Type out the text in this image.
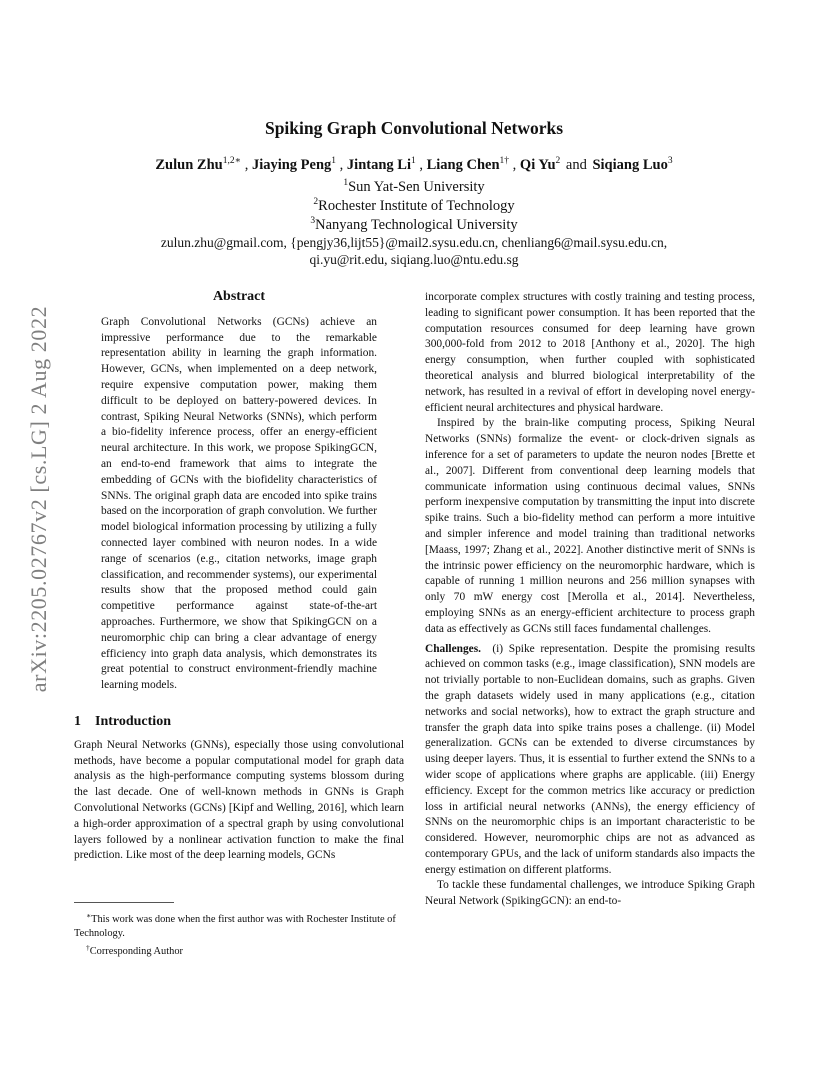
arXiv:2205.02767v2 [cs.LG] 2 Aug 2022
Spiking Graph Convolutional Networks
Zulun Zhu$^{1,2∗}$ , Jiaying Peng$^1$ , Jintang Li$^1$ , Liang Chen$^{1\dagger}$ , Qi Yu$^2$ and Siqiang Luo$^3$
$^1$Sun Yat-Sen University
$^2$Rochester Institute of Technology
$^3$Nanyang Technological University
zulun.zhu@gmail.com, {pengjy36,lijt55}@mail2.sysu.edu.cn, chenliang6@mail.sysu.edu.cn,
qi.yu@rit.edu, siqiang.luo@ntu.edu.sg
Abstract

Graph Convolutional Networks (GCNs) achieve an impressive performance due to the remarkable representation ability in learning the graph information. However, GCNs, when implemented on a deep network, require expensive computation power, making them difficult to be deployed on battery-powered devices. In contrast, Spiking Neural Networks (SNNs), which perform a bio-fidelity inference process, offer an energy-efficient neural architecture. In this work, we propose SpikingGCN, an end-to-end framework that aims to integrate the embedding of GCNs with the biofidelity characteristics of SNNs. The original graph data are encoded into spike trains based on the incorporation of graph convolution. We further model biological information processing by utilizing a fully connected layer combined with neuron nodes. In a wide range of scenarios (e.g., citation networks, image graph classification, and recommender systems), our experimental results show that the proposed method could gain competitive performance against state-of-the-art approaches. Furthermore, we show that SpikingGCN on a neuromorphic chip can bring a clear advantage of energy efficiency into graph data analysis, which demonstrates its great potential to construct environment-friendly machine learning models.

1 Introduction

Graph Neural Networks (GNNs), especially those using convolutional methods, have become a popular computational model for graph data analysis as the high-performance computing systems blossom during the last decade. One of well-known methods in GNNs is Graph Convolutional Networks (GCNs) [Kipf and Welling, 2016], which learn a high-order approximation of a spectral graph by using convolutional layers followed by a nonlinear activation function to make the final prediction. Like most of the deep learning models, GCNs

∗This work was done when the first author was with Rochester Institute of Technology.

†Corresponding Author

incorporate complex structures with costly training and testing process, leading to significant power consumption. It has been reported that the computation resources consumed for deep learning have grown 300,000-fold from 2012 to 2018 [Anthony et al., 2020]. The high energy consumption, when further coupled with sophisticated theoretical analysis and blurred biological interpretability of the network, has resulted in a revival of effort in developing novel energy-efficient neural architectures and physical hardware.

Inspired by the brain-like computing process, Spiking Neural Networks (SNNs) formalize the event- or clock-driven signals as inference for a set of parameters to update the neuron nodes [Brette et al., 2007]. Different from conventional deep learning models that communicate information using continuous decimal values, SNNs perform inexpensive computation by transmitting the input into discrete spike trains. Such a bio-fidelity method can perform a more intuitive and simpler inference and model training than traditional networks [Maass, 1997; Zhang et al., 2022]. Another distinctive merit of SNNs is the intrinsic power efficiency on the neuromorphic hardware, which is capable of running 1 million neurons and 256 million synapses with only 70 mW energy cost [Merolla et al., 2014]. Nevertheless, employing SNNs as an energy-efficient architecture to process graph data as effectively as GCNs still faces fundamental challenges.

Challenges. (i) Spike representation. Despite the promising results achieved on common tasks (e.g., image classification), SNN models are not trivially portable to non-Euclidean domains, such as graphs. Given the graph datasets widely used in many applications (e.g., citation networks and social networks), how to extract the graph structure and transfer the graph data into spike trains poses a challenge. (ii) Model generalization. GCNs can be extended to diverse circumstances by using deeper layers. Thus, it is essential to further extend the SNNs to a wider scope of applications where graphs are applicable. (iii) Energy efficiency. Except for the common metrics like accuracy or prediction loss in artificial neural networks (ANNs), the energy efficiency of SNNs on the neuromorphic chips is an important characteristic to be considered. However, neuromorphic chips are not as advanced as contemporary GPUs, and the lack of uniform standards also impacts the energy estimation on different platforms.

To tackle these fundamental challenges, we introduce Spiking Graph Neural Network (SpikingGCN): an end-to-
